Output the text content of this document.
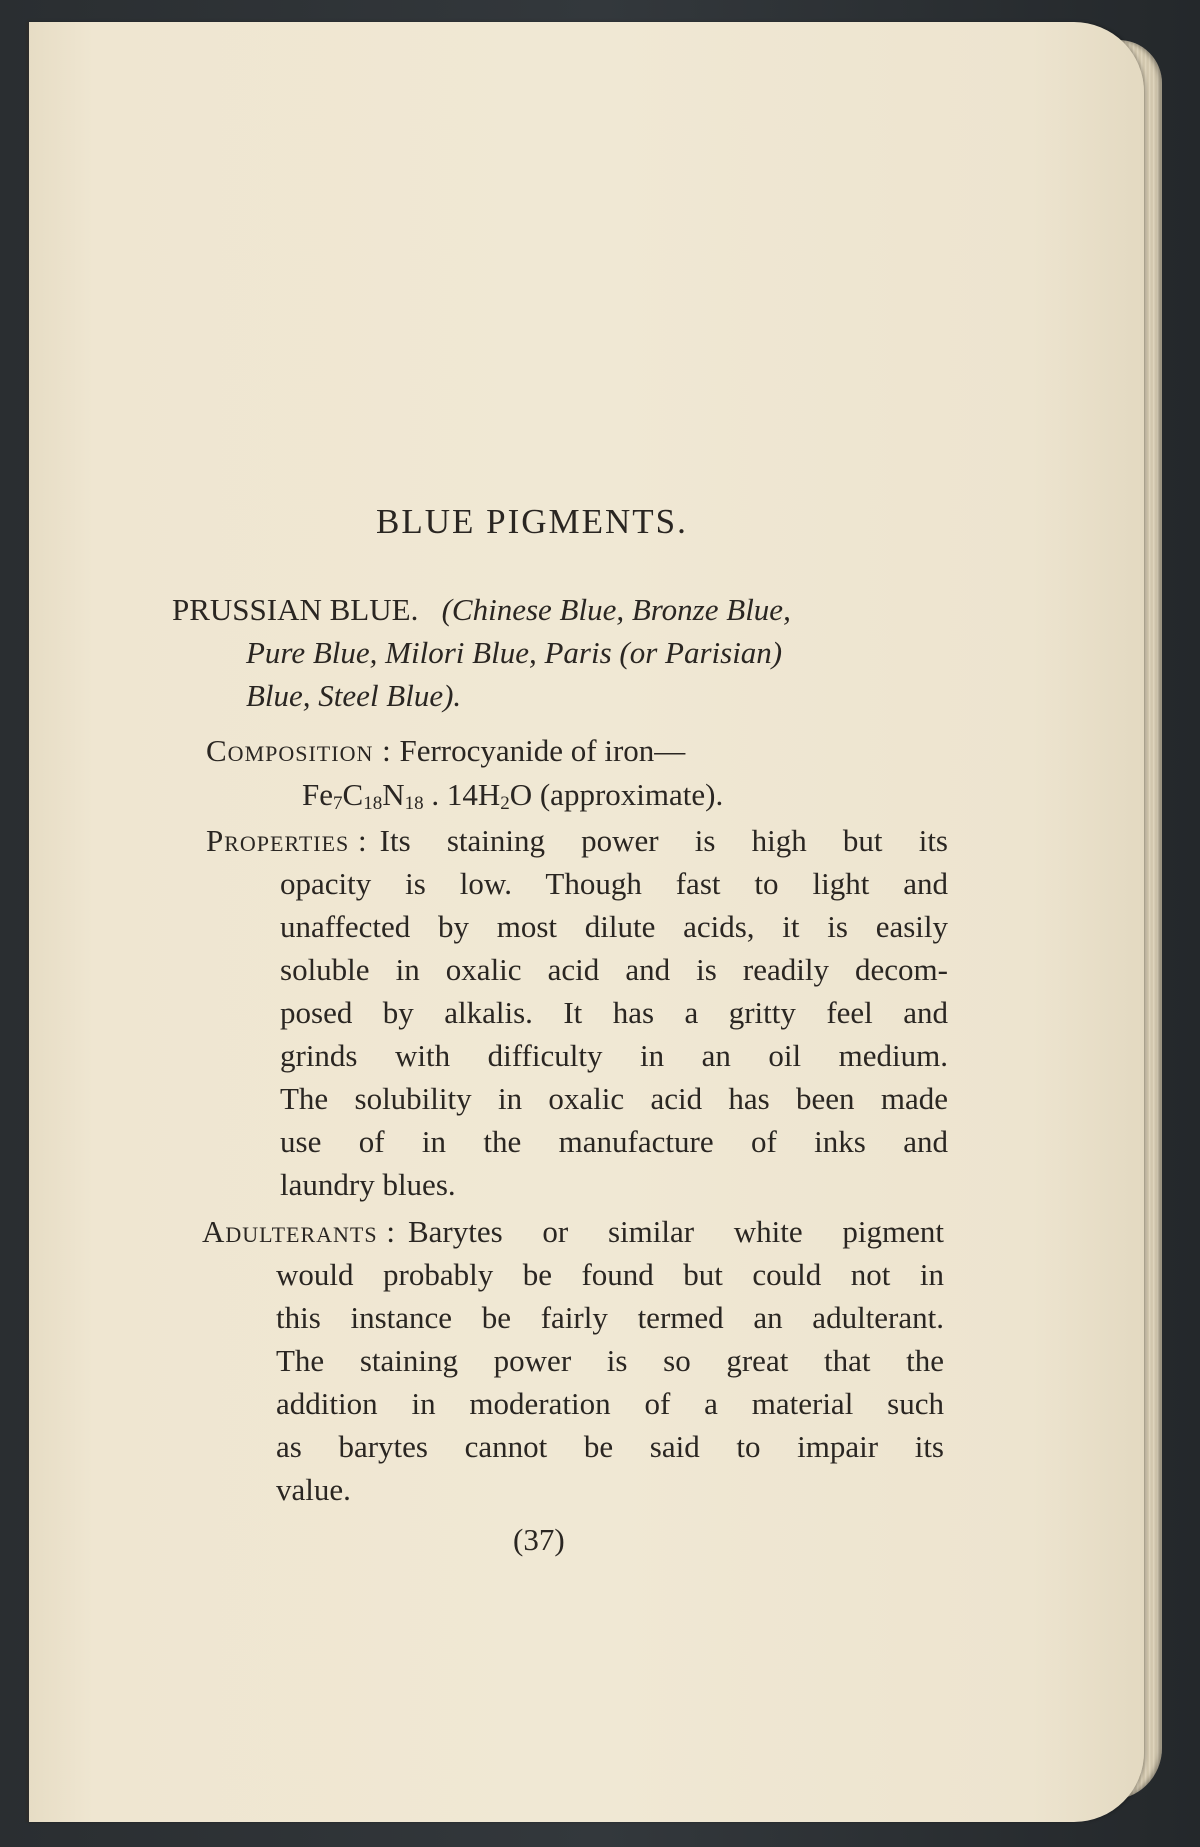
BLUE PIGMENTS.
PRUSSIAN BLUE. (Chinese Blue, Bronze Blue,
Pure Blue, Milori Blue, Paris (or Parisian)
Blue, Steel Blue).
Composition : Ferrocyanide of iron—
$Fe_7C_{18}N_{18}$ . $14H_2O$ (approximate).
Properties : Its staining power is high but its
opacity is low. Though fast to light and
unaffected by most dilute acids, it is easily
soluble in oxalic acid and is readily decom-
posed by alkalis. It has a gritty feel and
grinds with difficulty in an oil medium.
The solubility in oxalic acid has been made
use of in the manufacture of inks and
laundry blues.
Adulterants : Barytes or similar white pigment
would probably be found but could not in
this instance be fairly termed an adulterant.
The staining power is so great that the
addition in moderation of a material such
as barytes cannot be said to impair its
value.
(37)
